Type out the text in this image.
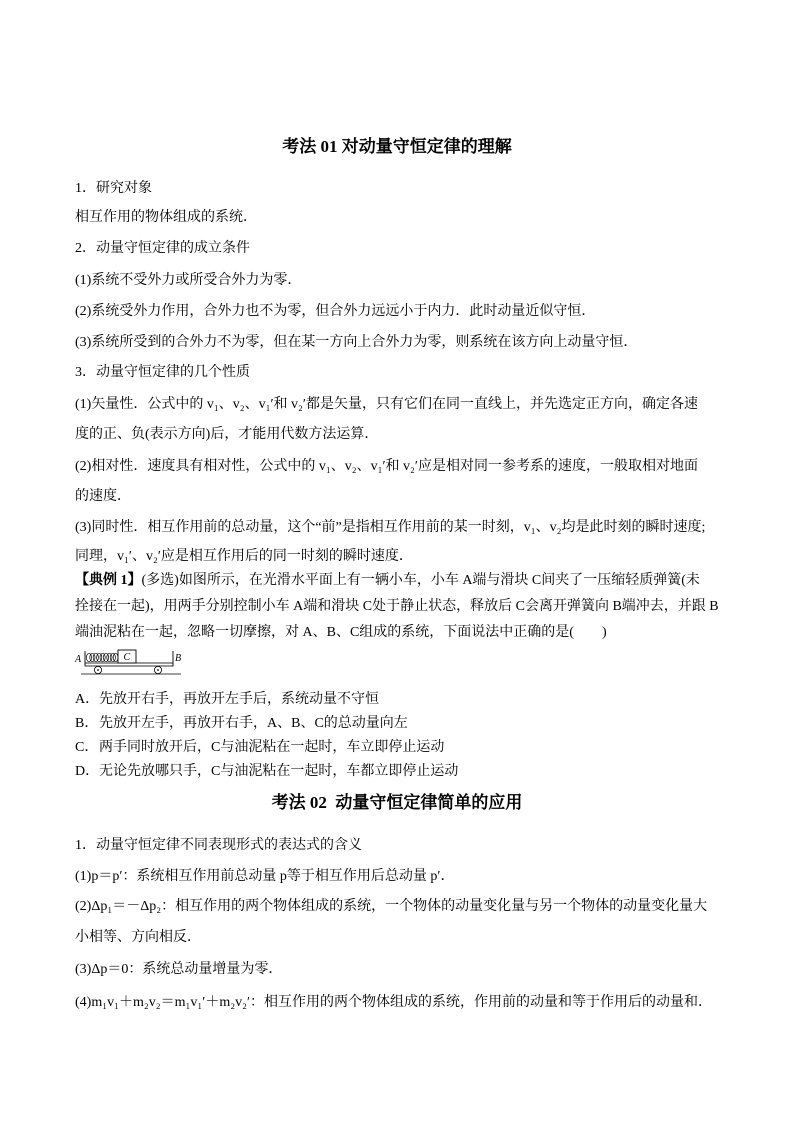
考法 01 对动量守恒定律的理解
1．研究对象
相互作用的物体组成的系统．
2．动量守恒定律的成立条件
(1)系统不受外力或所受合外力为零．
(2)系统受外力作用，合外力也不为零，但合外力远远小于内力．此时动量近似守恒．
(3)系统所受到的合外力不为零，但在某一方向上合外力为零，则系统在该方向上动量守恒．
3．动量守恒定律的几个性质
(1)矢量性．公式中的 v₁、v₂、v₁′和 v₂′都是矢量，只有它们在同一直线上，并先选定正方向，确定各速
度的正、负(表示方向)后，才能用代数方法运算．
(2)相对性．速度具有相对性，公式中的 v₁、v₂、v₁′和 v₂′应是相对同一参考系的速度，一般取相对地面
的速度．
(3)同时性．相互作用前的总动量，这个“前”是指相互作用前的某一时刻，v₁、v₂均是此时刻的瞬时速度;
同理，v₁′、v₂′应是相互作用后的同一时刻的瞬时速度．
【典例 1】(多选)如图所示，在光滑水平面上有一辆小车，小车 A端与滑块 C间夹了一压缩轻质弹簧(未
拴接在一起)，用两手分别控制小车 A端和滑块 C处于静止状态，释放后 C会离开弹簧向 B端冲去，并跟 B
端油泥粘在一起，忽略一切摩擦，对 A、B、C组成的系统，下面说法中正确的是(　　)
A	C	B
A．先放开右手，再放开左手后，系统动量不守恒
B．先放开左手，再放开右手，A、B、C的总动量向左
C．两手同时放开后，C与油泥粘在一起时，车立即停止运动
D．无论先放哪只手，C与油泥粘在一起时，车都立即停止运动
考法 02  动量守恒定律简单的应用
1．动量守恒定律不同表现形式的表达式的含义
(1)p＝p′：系统相互作用前总动量 p等于相互作用后总动量 p′．
(2)Δp₁＝－Δp₂：相互作用的两个物体组成的系统，一个物体的动量变化量与另一个物体的动量变化量大
小相等、方向相反．
(3)Δp＝0：系统总动量增量为零．
(4)m₁v₁＋m₂v₂＝m₁v₁′＋m₂v₂′：相互作用的两个物体组成的系统，作用前的动量和等于作用后的动量和．
